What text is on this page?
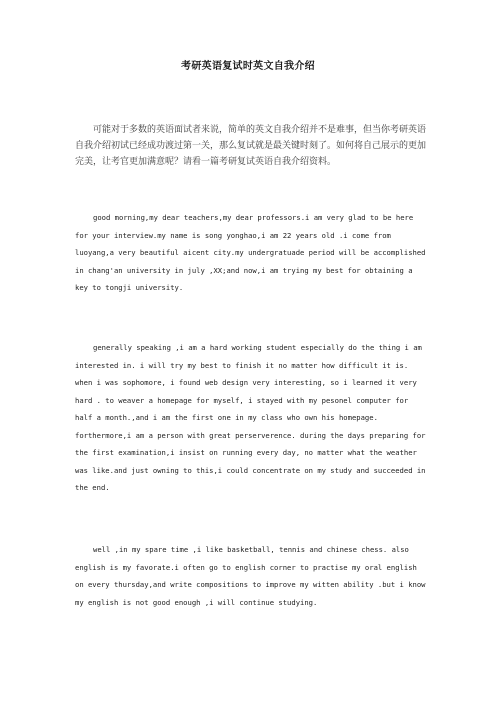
考研英语复试时英文自我介绍

可能对于多数的英语面试者来说，简单的英文自我介绍并不是难事，但当你考研英语自我介绍初试已经成功渡过第一关，那么复试就是最关键时刻了。如何将自己展示的更加完美，让考官更加满意呢？请看一篇考研复试英语自我介绍资料。

good morning,my dear teachers,my dear professors.i am very glad to be here for your interview.my name is song yonghao,i am 22 years old .i come from luoyang,a very beautiful aicent city.my undergratuade period will be accomplished in chang'an university in july ,XX;and now,i am trying my best for obtaining a key to tongji university.

generally speaking ,i am a hard working student especially do the thing i am interested in. i will try my best to finish it no matter how difficult it is. when i was sophomore, i found web design very interesting, so i learned it very hard . to weaver a homepage for myself, i stayed with my pesonel computer for half a month.,and i am the first one in my class who own his homepage. forthermore,i am a person with great perserverence. during the days preparing for the first examination,i insist on running every day, no matter what the weather was like.and just owning to this,i could concentrate on my study and succeeded in the end.

well ,in my spare time ,i like basketball, tennis and chinese chess. also english is my favorate.i often go to english corner to practise my oral english on every thursday,and write compositions to improve my witten ability .but i know my english is not good enough ,i will continue studying.
